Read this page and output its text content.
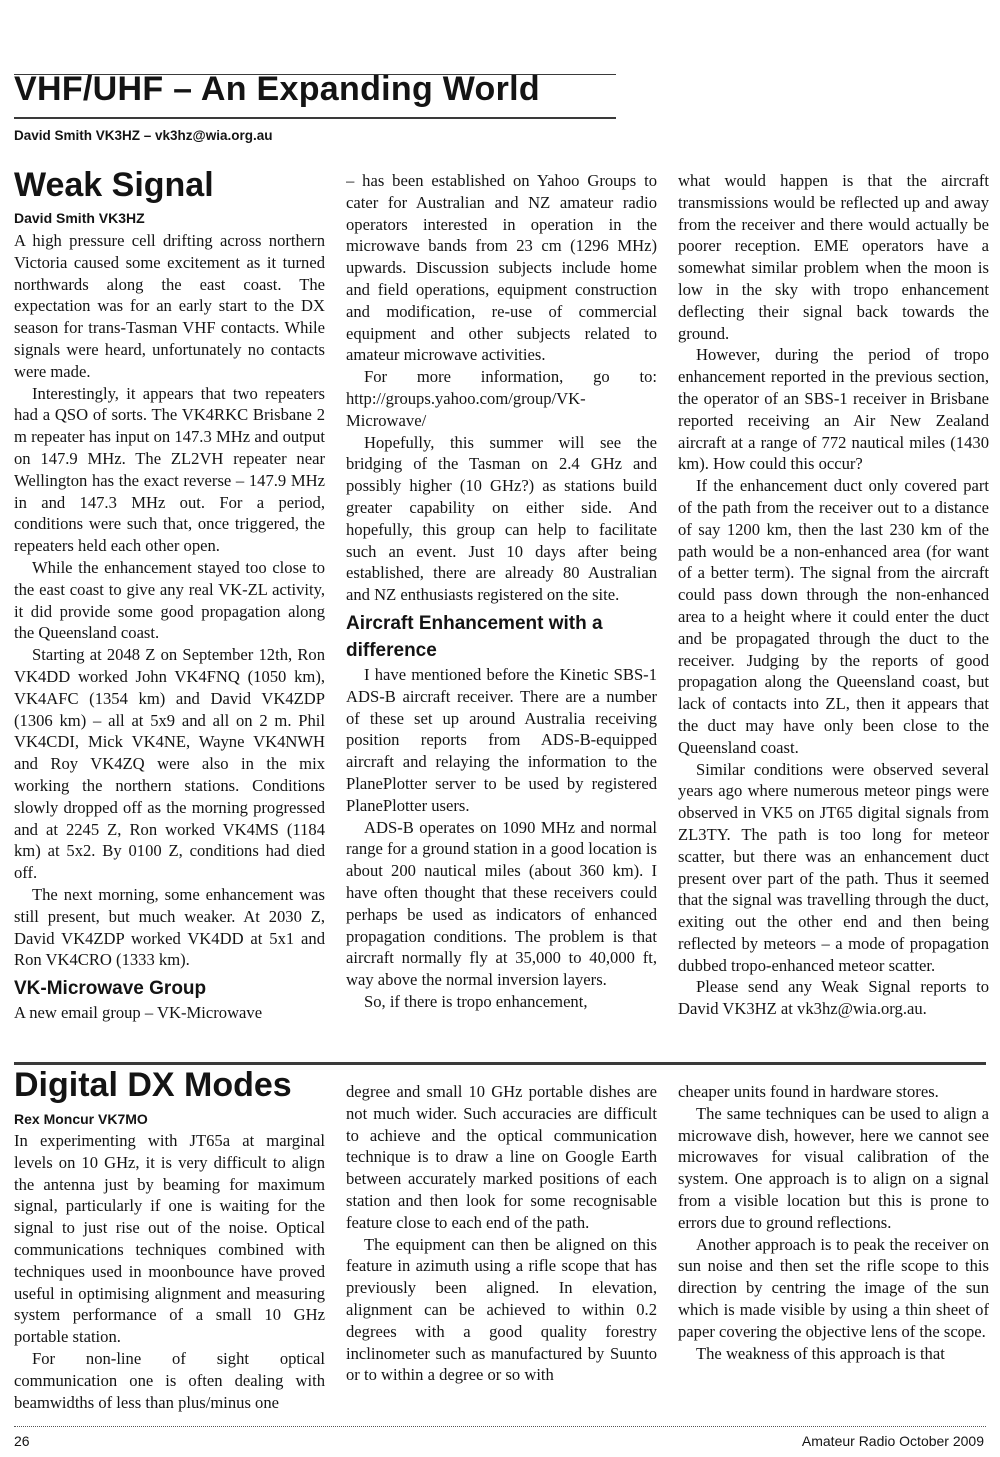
VHF/UHF – An Expanding World
David Smith VK3HZ – vk3hz@wia.org.au
Weak Signal
David Smith VK3HZ

A high pressure cell drifting across northern Victoria caused some excitement as it turned northwards along the east coast. The expectation was for an early start to the DX season for trans-Tasman VHF contacts. While signals were heard, unfortunately no contacts were made.

Interestingly, it appears that two repeaters had a QSO of sorts. The VK4RKC Brisbane 2 m repeater has input on 147.3 MHz and output on 147.9 MHz. The ZL2VH repeater near Wellington has the exact reverse – 147.9 MHz in and 147.3 MHz out. For a period, conditions were such that, once triggered, the repeaters held each other open.

While the enhancement stayed too close to the east coast to give any real VK-ZL activity, it did provide some good propagation along the Queensland coast.

Starting at 2048 Z on September 12th, Ron VK4DD worked John VK4FNQ (1050 km), VK4AFC (1354 km) and David VK4ZDP (1306 km) – all at 5x9 and all on 2 m. Phil VK4CDI, Mick VK4NE, Wayne VK4NWH and Roy VK4ZQ were also in the mix working the northern stations. Conditions slowly dropped off as the morning progressed and at 2245 Z, Ron worked VK4MS (1184 km) at 5x2. By 0100 Z, conditions had died off.

The next morning, some enhancement was still present, but much weaker. At 2030 Z, David VK4ZDP worked VK4DD at 5x1 and Ron VK4CRO (1333 km).

VK-Microwave Group

A new email group – VK-Microwave

– has been established on Yahoo Groups to cater for Australian and NZ amateur radio operators interested in operation in the microwave bands from 23 cm (1296 MHz) upwards. Discussion subjects include home and field operations, equipment construction and modification, re-use of commercial equipment and other subjects related to amateur microwave activities.

For more information, go to: http://groups.yahoo.com/group/VK-Microwave/

Hopefully, this summer will see the bridging of the Tasman on 2.4 GHz and possibly higher (10 GHz?) as stations build greater capability on either side. And hopefully, this group can help to facilitate such an event. Just 10 days after being established, there are already 80 Australian and NZ enthusiasts registered on the site.

Aircraft Enhancement with a difference

I have mentioned before the Kinetic SBS-1 ADS-B aircraft receiver. There are a number of these set up around Australia receiving position reports from ADS-B-equipped aircraft and relaying the information to the PlanePlotter server to be used by registered PlanePlotter users.

ADS-B operates on 1090 MHz and normal range for a ground station in a good location is about 200 nautical miles (about 360 km). I have often thought that these receivers could perhaps be used as indicators of enhanced propagation conditions. The problem is that aircraft normally fly at 35,000 to 40,000 ft, way above the normal inversion layers.

So, if there is tropo enhancement,

what would happen is that the aircraft transmissions would be reflected up and away from the receiver and there would actually be poorer reception. EME operators have a somewhat similar problem when the moon is low in the sky with tropo enhancement deflecting their signal back towards the ground.

However, during the period of tropo enhancement reported in the previous section, the operator of an SBS-1 receiver in Brisbane reported receiving an Air New Zealand aircraft at a range of 772 nautical miles (1430 km). How could this occur?

If the enhancement duct only covered part of the path from the receiver out to a distance of say 1200 km, then the last 230 km of the path would be a non-enhanced area (for want of a better term). The signal from the aircraft could pass down through the non-enhanced area to a height where it could enter the duct and be propagated through the duct to the receiver. Judging by the reports of good propagation along the Queensland coast, but lack of contacts into ZL, then it appears that the duct may have only been close to the Queensland coast.

Similar conditions were observed several years ago where numerous meteor pings were observed in VK5 on JT65 digital signals from ZL3TY. The path is too long for meteor scatter, but there was an enhancement duct present over part of the path. Thus it seemed that the signal was travelling through the duct, exiting out the other end and then being reflected by meteors – a mode of propagation dubbed tropo-enhanced meteor scatter.

Please send any Weak Signal reports to David VK3HZ at vk3hz@wia.org.au.

Digital DX Modes
Rex Moncur VK7MO

In experimenting with JT65a at marginal levels on 10 GHz, it is very difficult to align the antenna just by beaming for maximum signal, particularly if one is waiting for the signal to just rise out of the noise. Optical communications techniques combined with techniques used in moonbounce have proved useful in optimising alignment and measuring system performance of a small 10 GHz portable station.

For non-line of sight optical communication one is often dealing with beamwidths of less than plus/minus one

degree and small 10 GHz portable dishes are not much wider. Such accuracies are difficult to achieve and the optical communication technique is to draw a line on Google Earth between accurately marked positions of each station and then look for some recognisable feature close to each end of the path.

The equipment can then be aligned on this feature in azimuth using a rifle scope that has previously been aligned. In elevation, alignment can be achieved to within 0.2 degrees with a good quality forestry inclinometer such as manufactured by Suunto or to within a degree or so with

cheaper units found in hardware stores.

The same techniques can be used to align a microwave dish, however, here we cannot see microwaves for visual calibration of the system. One approach is to align on a signal from a visible location but this is prone to errors due to ground reflections.

Another approach is to peak the receiver on sun noise and then set the rifle scope to this direction by centring the image of the sun which is made visible by using a thin sheet of paper covering the objective lens of the scope.

The weakness of this approach is that

26	Amateur Radio October 2009
